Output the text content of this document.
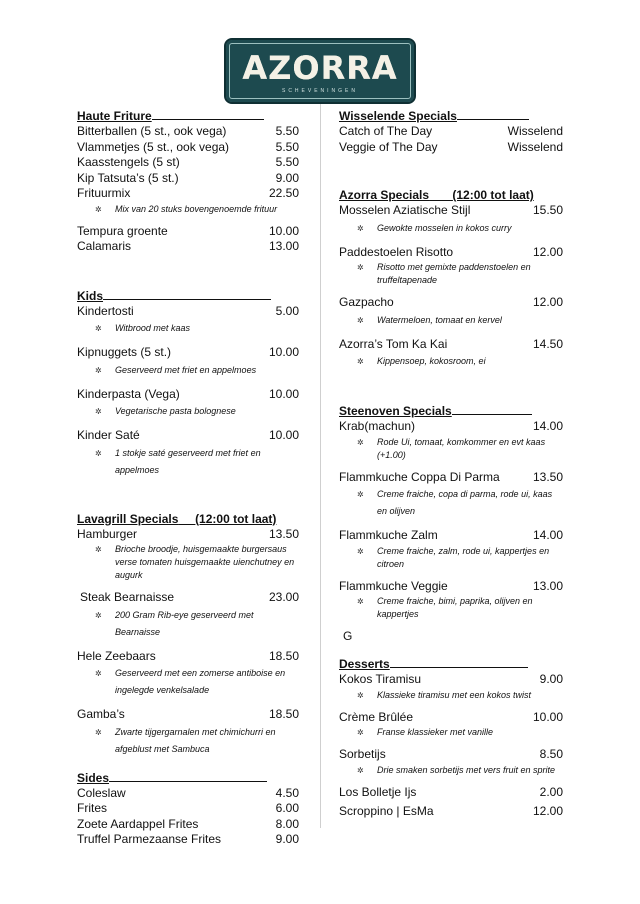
AZORRA
SCHEVENINGEN
Haute Friture
Bitterballen (5 st., ook vega)	5.50
Vlammetjes (5 st., ook vega)	5.50
Kaasstengels (5 st)	5.50
Kip Tatsuta’s (5 st.)	9.00
Frituurmix	22.50
✲ Mix van 20 stuks bovengenoemde frituur
Tempura groente	10.00
Calamaris	13.00
Kids
Kindertosti	5.00
✲ Witbrood met kaas
Kipnuggets (5 st.)	10.00
✲ Geserveerd met friet en appelmoes
Kinderpasta (Vega)	10.00
✲ Vegetarische pasta bolognese
Kinder Saté	10.00
✲ 1 stokje saté geserveerd met friet en appelmoes
Lavagrill Specials (12:00 tot laat)
Hamburger	13.50
✲ Brioche broodje, huisgemaakte burgersaus verse tomaten huisgemaakte uienchutney en augurk
Steak Bearnaisse	23.00
✲ 200 Gram Rib-eye geserveerd met Bearnaisse
Hele Zeebaars	18.50
✲ Geserveerd met een zomerse antiboise en ingelegde venkelsalade
Gamba’s	18.50
✲ Zwarte tijgergarnalen met chimichurri en afgeblust met Sambuca
Sides
Coleslaw	4.50
Frites	6.00
Zoete Aardappel Frites	8.00
Truffel Parmezaanse Frites	9.00
Wisselende Specials
Catch of The Day	Wisselend
Veggie of The Day	Wisselend
Azorra Specials (12:00 tot laat)
Mosselen Aziatische Stijl	15.50
✲ Gewokte mosselen in kokos curry
Paddestoelen Risotto	12.00
✲ Risotto met gemixte paddenstoelen en truffeltapenade
Gazpacho	12.00
✲ Watermeloen, tomaat en kervel
Azorra’s Tom Ka Kai	14.50
✲ Kippensoep, kokosroom, ei
Steenoven Specials
Krab(machun)	14.00
✲ Rode Ui, tomaat, komkommer en evt kaas (+1.00)
Flammkuche Coppa Di Parma	13.50
✲ Creme fraiche, copa di parma, rode ui, kaas en olijven
Flammkuche Zalm	14.00
✲ Creme fraiche, zalm, rode ui, kappertjes en citroen
Flammkuche Veggie	13.00
✲ Creme fraiche, bimi, paprika, olijven en kappertjes
G
Desserts
Kokos Tiramisu	9.00
✲ Klassieke tiramisu met een kokos twist
Crème Brûlée	10.00
✲ Franse klassieker met vanille
Sorbetijs	8.50
✲ Drie smaken sorbetijs met vers fruit en sprite
Los Bolletje Ijs	2.00
Scroppino | EsMa	12.00
